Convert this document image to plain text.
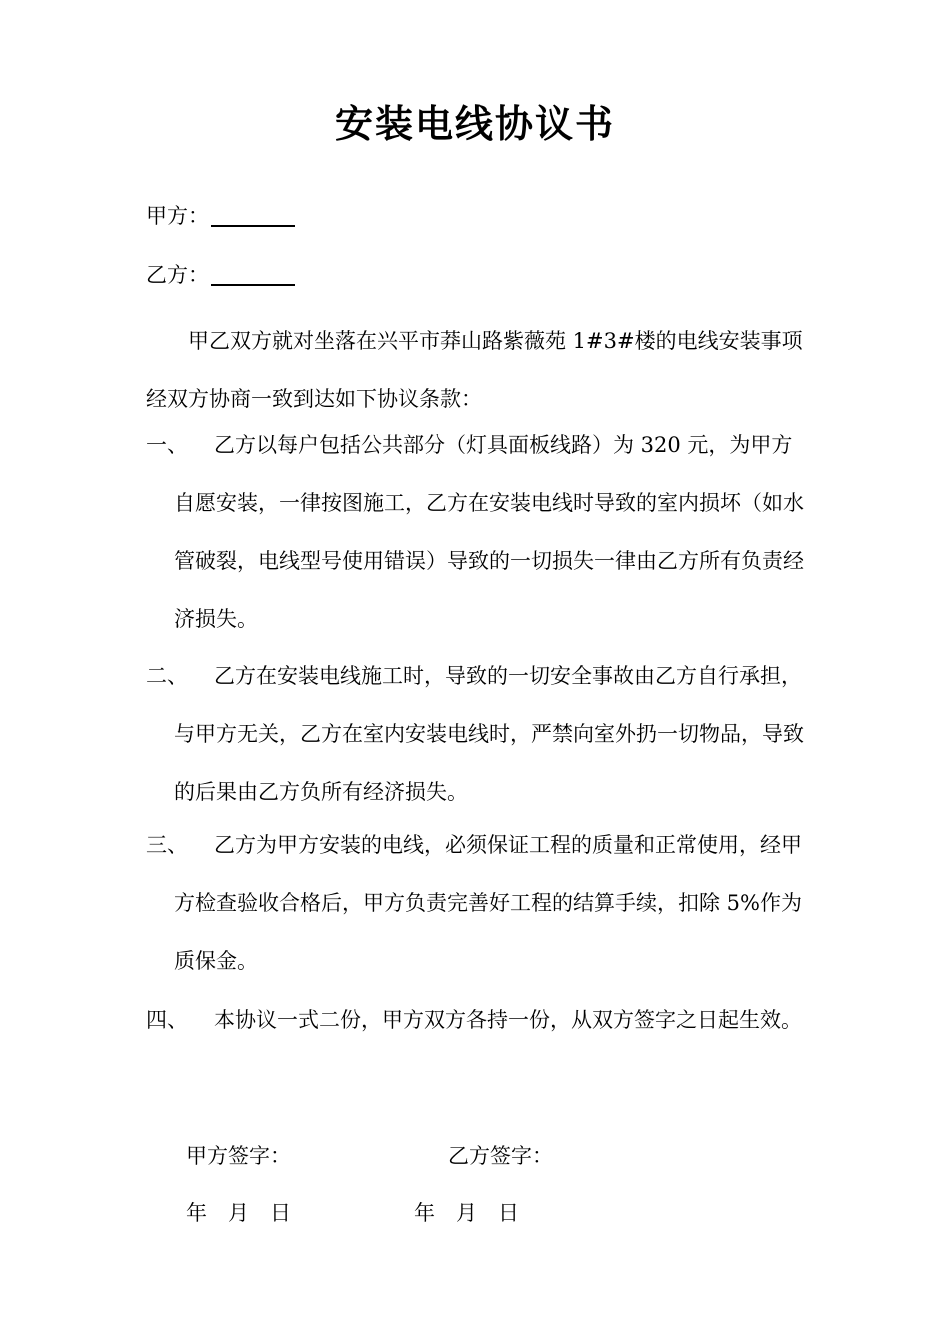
安装电线协议书
甲方：
乙方：
甲乙双方就对坐落在兴平市莽山路紫薇苑 1#3#楼的电线安装事项经双方协商一致到达如下协议条款：
一、	乙方以每户包括公共部分（灯具面板线路）为 320 元，为甲方自愿安装，一律按图施工，乙方在安装电线时导致的室内损坏（如水管破裂，电线型号使用错误）导致的一切损失一律由乙方所有负责经济损失。
二、	乙方在安装电线施工时，导致的一切安全事故由乙方自行承担，与甲方无关，乙方在室内安装电线时，严禁向室外扔一切物品，导致的后果由乙方负所有经济损失。
三、	乙方为甲方安装的电线，必须保证工程的质量和正常使用，经甲方检查验收合格后，甲方负责完善好工程的结算手续，扣除 5%作为质保金。
四、	本协议一式二份，甲方双方各持一份，从双方签字之日起生效。
甲方签字：	乙方签字：
年　月　日	年　月　日
